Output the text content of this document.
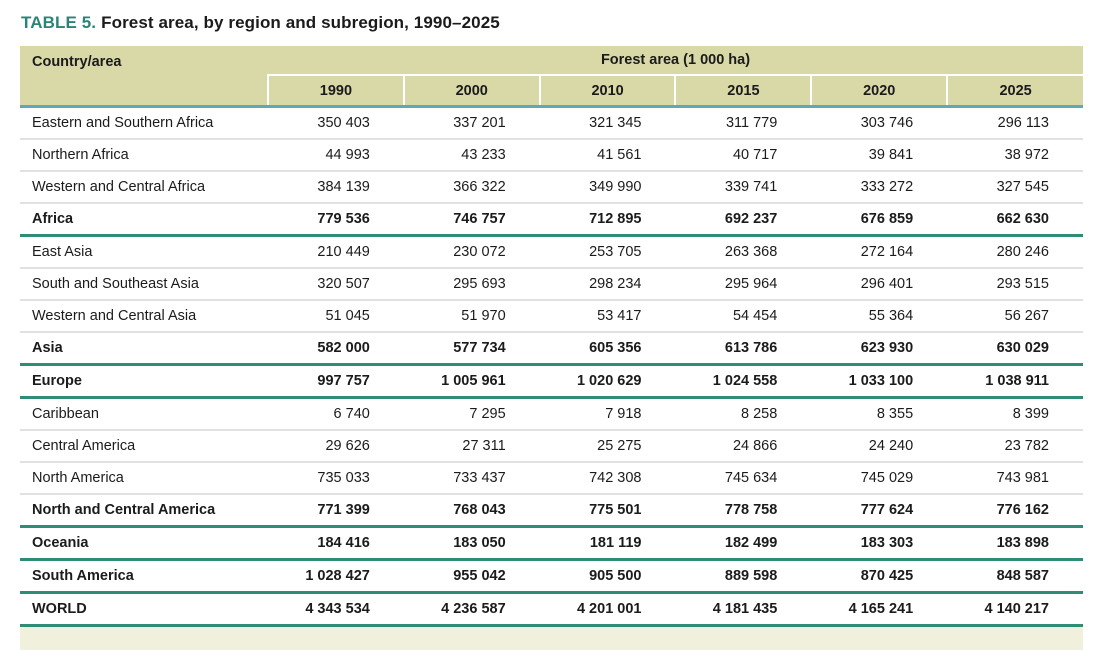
TABLE 5. Forest area, by region and subregion, 1990–2025
Country/area	Forest area (1 000 ha)					
	1990	2000	2010	2015	2020	2025
Eastern and Southern Africa	350 403	337 201	321 345	311 779	303 746	296 113
Northern Africa	44 993	43 233	41 561	40 717	39 841	38 972
Western and Central Africa	384 139	366 322	349 990	339 741	333 272	327 545
Africa	779 536	746 757	712 895	692 237	676 859	662 630
East Asia	210 449	230 072	253 705	263 368	272 164	280 246
South and Southeast Asia	320 507	295 693	298 234	295 964	296 401	293 515
Western and Central Asia	51 045	51 970	53 417	54 454	55 364	56 267
Asia	582 000	577 734	605 356	613 786	623 930	630 029
Europe	997 757	1 005 961	1 020 629	1 024 558	1 033 100	1 038 911
Caribbean	6 740	7 295	7 918	8 258	8 355	8 399
Central America	29 626	27 311	25 275	24 866	24 240	23 782
North America	735 033	733 437	742 308	745 634	745 029	743 981
North and Central America	771 399	768 043	775 501	778 758	777 624	776 162
Oceania	184 416	183 050	181 119	182 499	183 303	183 898
South America	1 028 427	955 042	905 500	889 598	870 425	848 587
WORLD	4 343 534	4 236 587	4 201 001	4 181 435	4 165 241	4 140 217
